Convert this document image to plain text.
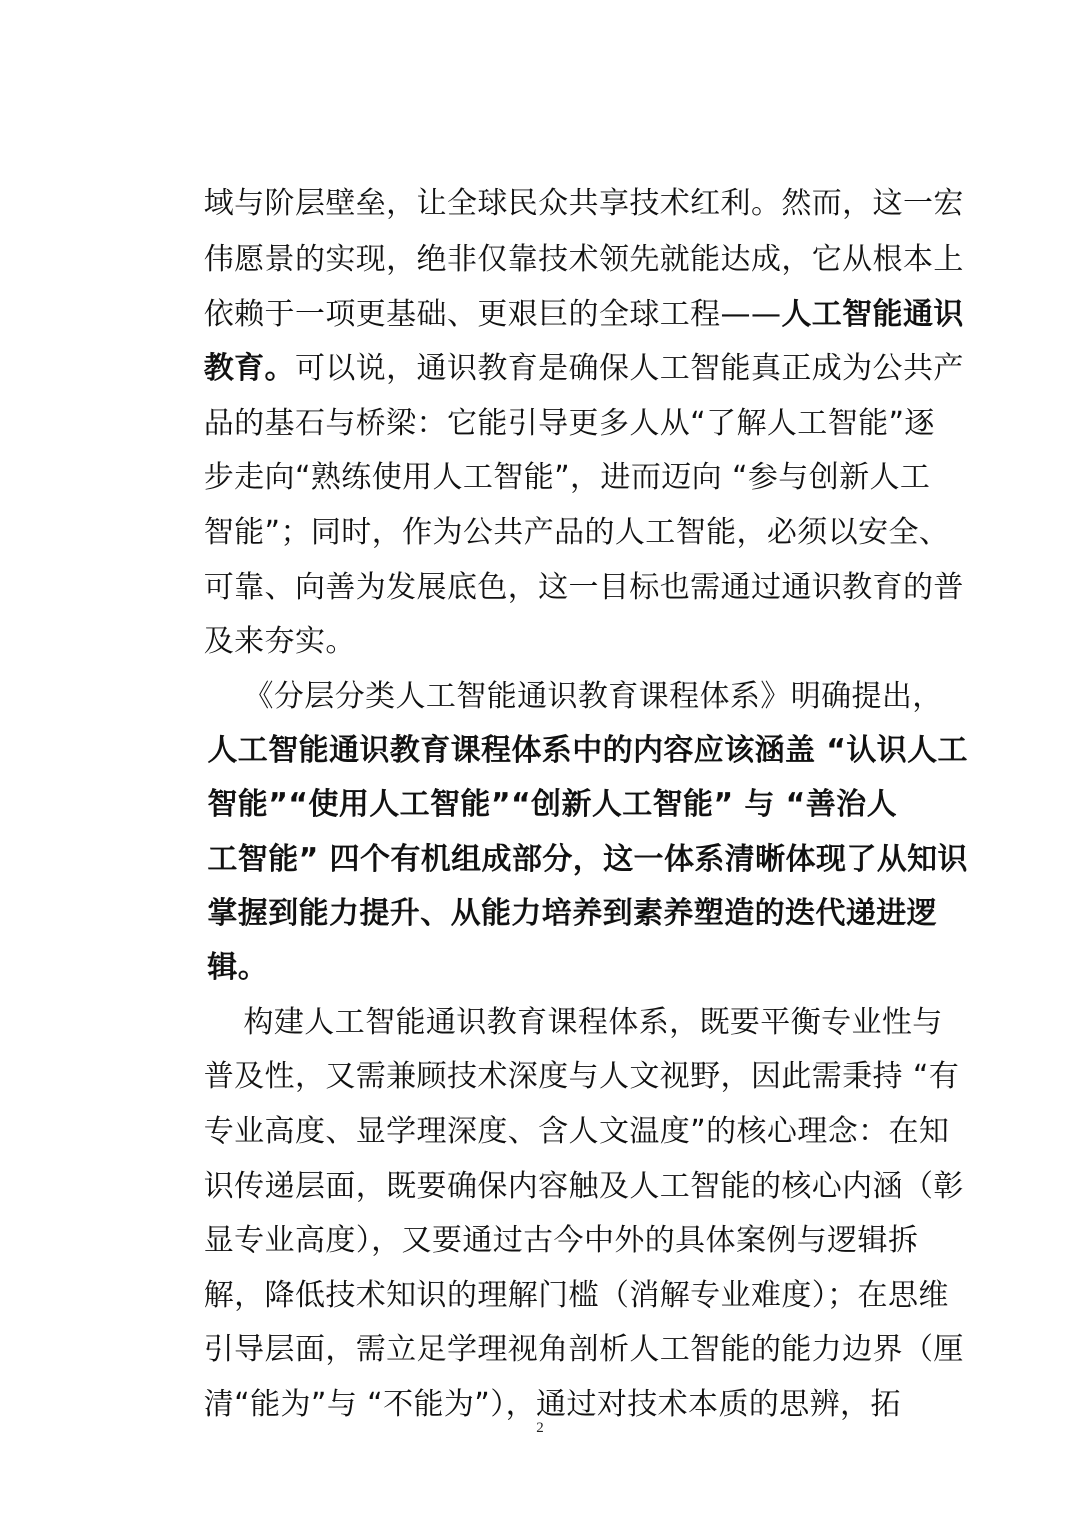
域与阶层壁垒，让全球民众共享技术红利。然而，这一宏

伟愿景的实现，绝非仅靠技术领先就能达成，它从根本上

依赖于一项更基础、更艰巨的全球工程——人工智能通识

教育。可以说，通识教育是确保人工智能真正成为公共产

品的基石与桥梁：它能引导更多人从“了解人工智能”逐

步走向“熟练使用人工智能”，进而迈向 “参与创新人工

智能”；同时，作为公共产品的人工智能，必须以安全、

可靠、向善为发展底色，这一目标也需通过通识教育的普

及来夯实。

《分层分类人工智能通识教育课程体系》明确提出，

人工智能通识教育课程体系中的内容应该涵盖 “认识人工

智能”“使用人工智能”“创新人工智能” 与 “善治人

工智能” 四个有机组成部分，这一体系清晰体现了从知识

掌握到能力提升、从能力培养到素养塑造的迭代递进逻

辑。

构建人工智能通识教育课程体系，既要平衡专业性与

普及性，又需兼顾技术深度与人文视野，因此需秉持 “有

专业高度、显学理深度、含人文温度”的核心理念：在知

识传递层面，既要确保内容触及人工智能的核心内涵（彰

显专业高度），又要通过古今中外的具体案例与逻辑拆

解，降低技术知识的理解门槛（消解专业难度）；在思维

引导层面，需立足学理视角剖析人工智能的能力边界（厘

清“能为”与 “不能为”），通过对技术本质的思辨，拓

2
